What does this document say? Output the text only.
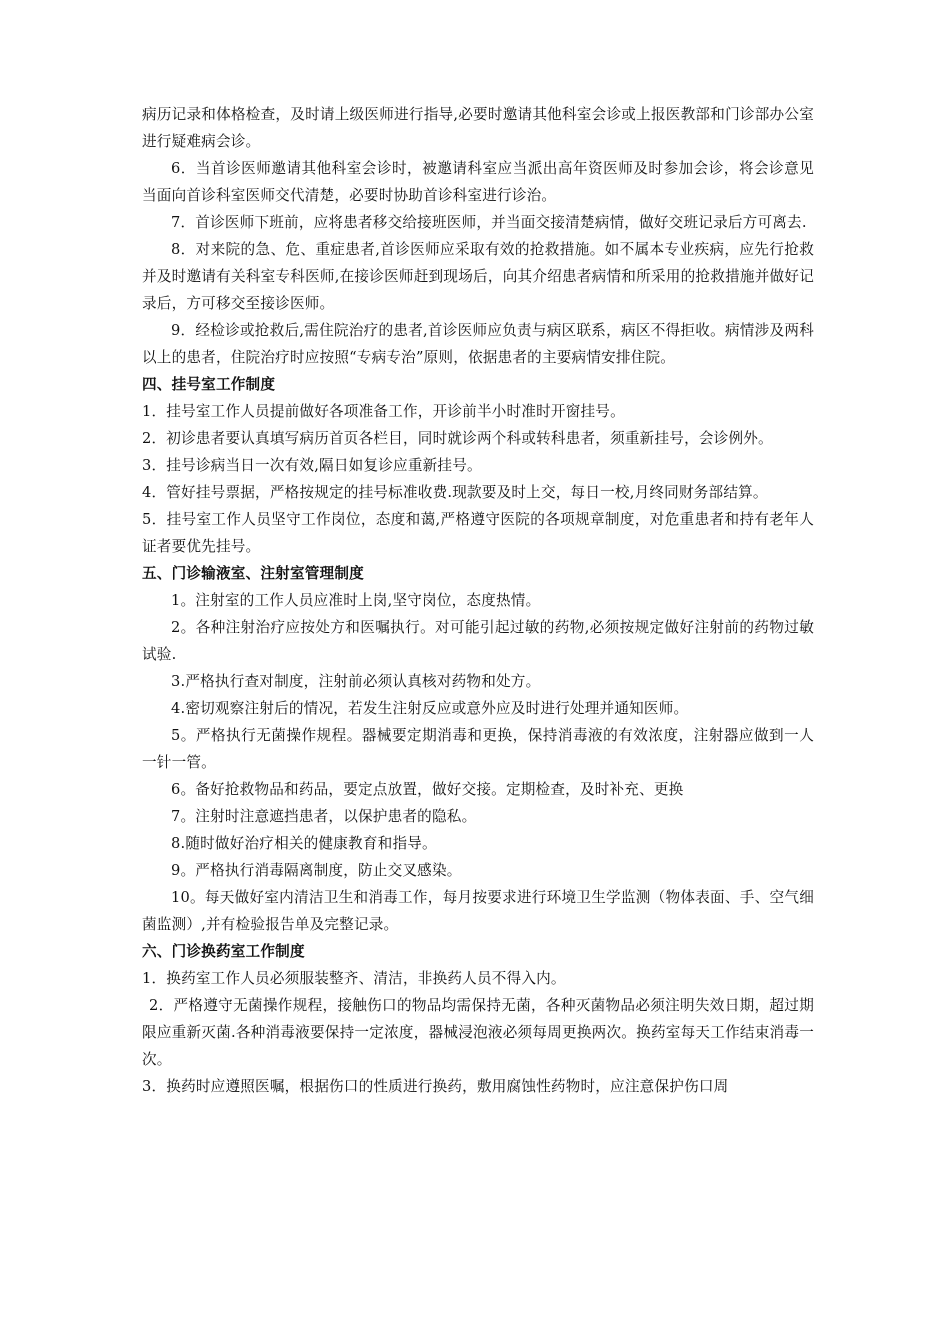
病历记录和体格检查，及时请上级医师进行指导,必要时邀请其他科室会诊或上报医教部和门诊部办公室进行疑难病会诊。

6．当首诊医师邀请其他科室会诊时，被邀请科室应当派出高年资医师及时参加会诊，将会诊意见当面向首诊科室医师交代清楚，必要时协助首诊科室进行诊治。

7．首诊医师下班前，应将患者移交给接班医师，并当面交接清楚病情，做好交班记录后方可离去.

8．对来院的急、危、重症患者,首诊医师应采取有效的抢救措施。如不属本专业疾病，应先行抢救并及时邀请有关科室专科医师,在接诊医师赶到现场后，向其介绍患者病情和所采用的抢救措施并做好记录后，方可移交至接诊医师。

9．经检诊或抢救后,需住院治疗的患者,首诊医师应负责与病区联系，病区不得拒收。病情涉及两科以上的患者，住院治疗时应按照“专病专治”原则，依据患者的主要病情安排住院。

四、挂号室工作制度

1．挂号室工作人员提前做好各项准备工作，开诊前半小时准时开窗挂号。

2．初诊患者要认真填写病历首页各栏目，同时就诊两个科或转科患者，须重新挂号，会诊例外。

3．挂号诊病当日一次有效,隔日如复诊应重新挂号。

4．管好挂号票据，严格按规定的挂号标准收费.现款要及时上交，每日一校,月终同财务部结算。

5．挂号室工作人员坚守工作岗位，态度和蔼,严格遵守医院的各项规章制度，对危重患者和持有老年人证者要优先挂号。

五、门诊输液室、注射室管理制度

1。注射室的工作人员应准时上岗,坚守岗位，态度热情。

2。各种注射治疗应按处方和医嘱执行。对可能引起过敏的药物,必须按规定做好注射前的药物过敏试验.

3.严格执行查对制度，注射前必须认真核对药物和处方。

4.密切观察注射后的情况，若发生注射反应或意外应及时进行处理并通知医师。

5。严格执行无菌操作规程。器械要定期消毒和更换，保持消毒液的有效浓度，注射器应做到一人一针一管。

6。备好抢救物品和药品，要定点放置，做好交接。定期检查，及时补充、更换

7。注射时注意遮挡患者，以保护患者的隐私。

8.随时做好治疗相关的健康教育和指导。

9。严格执行消毒隔离制度，防止交叉感染。

10。每天做好室内清洁卫生和消毒工作，每月按要求进行环境卫生学监测（物体表面、手、空气细菌监测）,并有检验报告单及完整记录。

六、门诊换药室工作制度

1．换药室工作人员必须服装整齐、清洁，非换药人员不得入内。

2．严格遵守无菌操作规程，接触伤口的物品均需保持无菌，各种灭菌物品必须注明失效日期，超过期限应重新灭菌.各种消毒液要保持一定浓度，器械浸泡液必须每周更换两次。换药室每天工作结束消毒一次。

3．换药时应遵照医嘱，根据伤口的性质进行换药，敷用腐蚀性药物时，应注意保护伤口周
